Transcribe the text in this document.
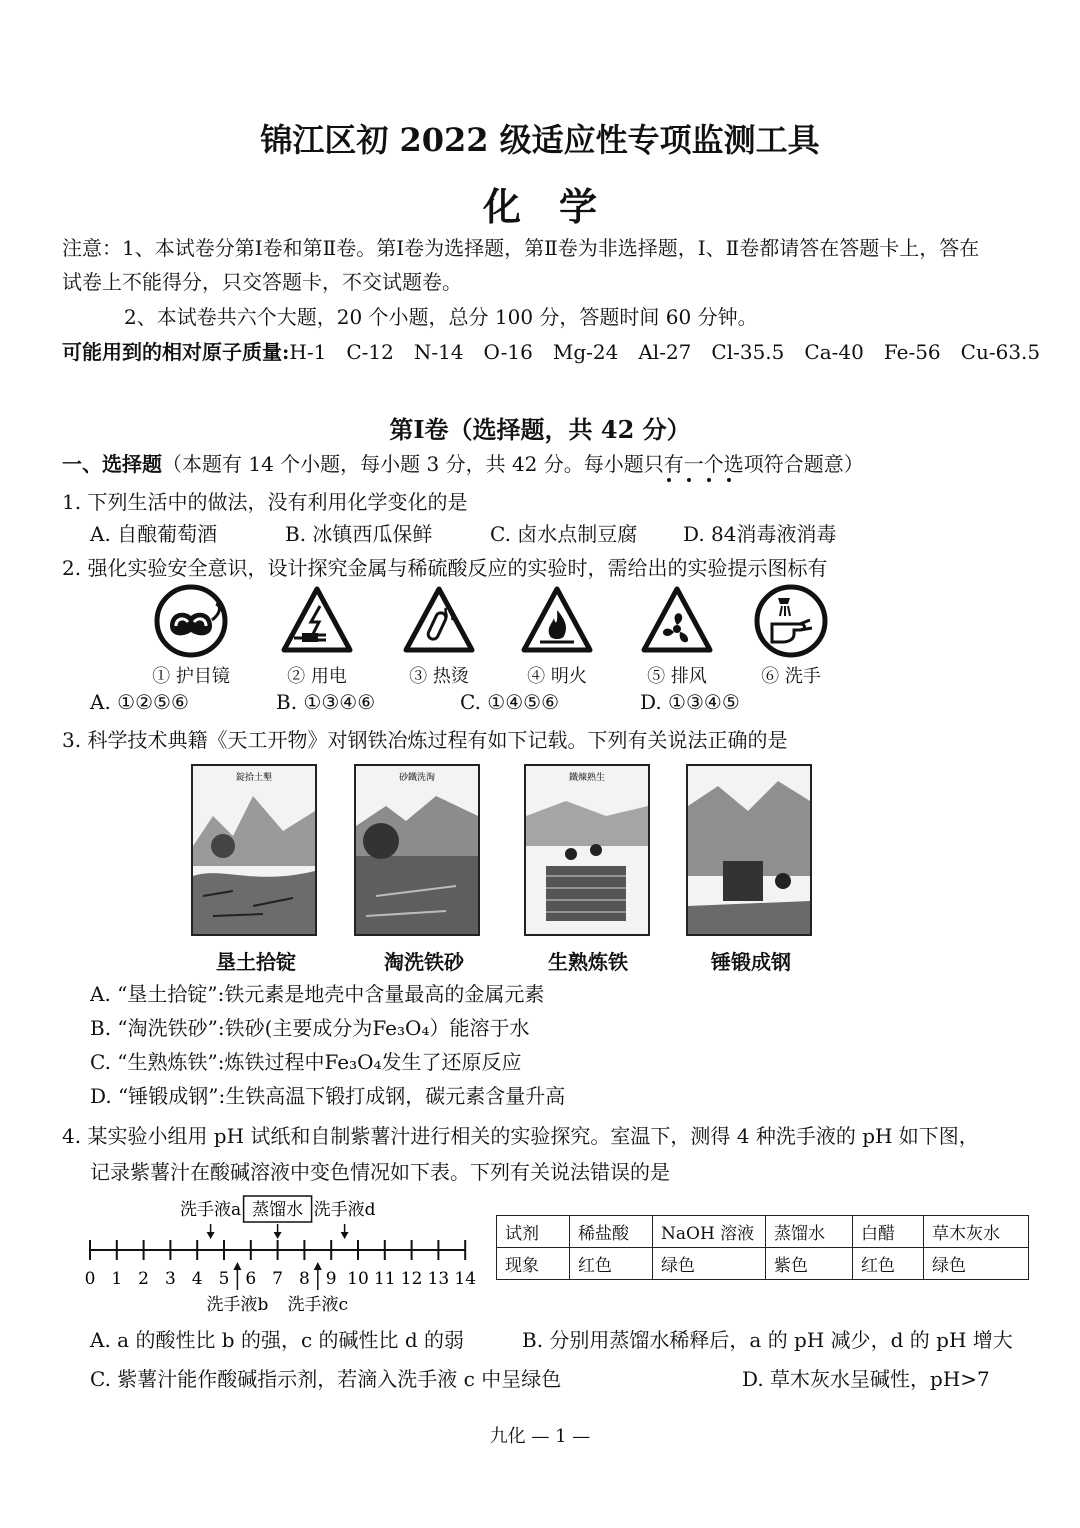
锦江区初 2022 级适应性专项监测工具
化　学
注意：1、本试卷分第Ⅰ卷和第Ⅱ卷。第Ⅰ卷为选择题，第Ⅱ卷为非选择题，Ⅰ、Ⅱ卷都请答在答题卡上，答在
试卷上不能得分，只交答题卡，不交试题卷。
2、本试卷共六个大题，20 个小题，总分 100 分，答题时间 60 分钟。
可能用到的相对原子质量:H-1　C-12　N-14　O-16　Mg-24　Al-27　Cl-35.5　Ca-40　Fe-56　Cu-63.5
第Ⅰ卷（选择题，共 42 分）
一、选择题（本题有 14 个小题，每小题 3 分，共 42 分。每小题只有一个选项符合题意）
1. 下列生活中的做法，没有利用化学变化的是
A. 自酿葡萄酒	B. 冰镇西瓜保鲜	C. 卤水点制豆腐 D. 84消毒液消毒
2. 强化实验安全意识，设计探究金属与稀硫酸反应的实验时，需给出的实验提示图标有
① 护目镜	② 用电	③ 热烫	④ 明火	⑤ 排风	⑥ 洗手
A. ①②⑤⑥	B. ①③④⑥	C. ①④⑤⑥	D. ①③④⑤
3. 科学技术典籍《天工开物》对钢铁冶炼过程有如下记载。下列有关说法正确的是
錠拾土墾	砂鐵洗淘	鐵煉熟生
垦土拾锭	淘洗铁砂	生熟炼铁	锤锻成钢
A. “垦土拾锭”:铁元素是地壳中含量最高的金属元素
B. “淘洗铁砂”:铁砂(主要成分为Fe₃O₄）能溶于水
C. “生熟炼铁”:炼铁过程中Fe₃O₄发生了还原反应
D. “锤锻成钢”:生铁高温下锻打成钢，碳元素含量升高
4. 某实验小组用 pH 试纸和自制紫薯汁进行相关的实验探究。室温下，测得 4 种洗手液的 pH 如下图，
记录紫薯汁在酸碱溶液中变色情况如下表。下列有关说法错误的是
0 1 2 3 4 5 6 7 8 9 10 11 12 13 14
洗手液a 蒸馏水 洗手液d
洗手液b 洗手液c
试剂	稀盐酸	NaOH 溶液	蒸馏水	白醋	草木灰水
现象	红色	绿色	紫色	红色	绿色
A. a 的酸性比 b 的强，c 的碱性比 d 的弱	B. 分别用蒸馏水稀释后，a 的 pH 减少，d 的 pH 增大
C. 紫薯汁能作酸碱指示剂，若滴入洗手液 c 中呈绿色	D. 草木灰水呈碱性，pH>7
九化 — 1 —
